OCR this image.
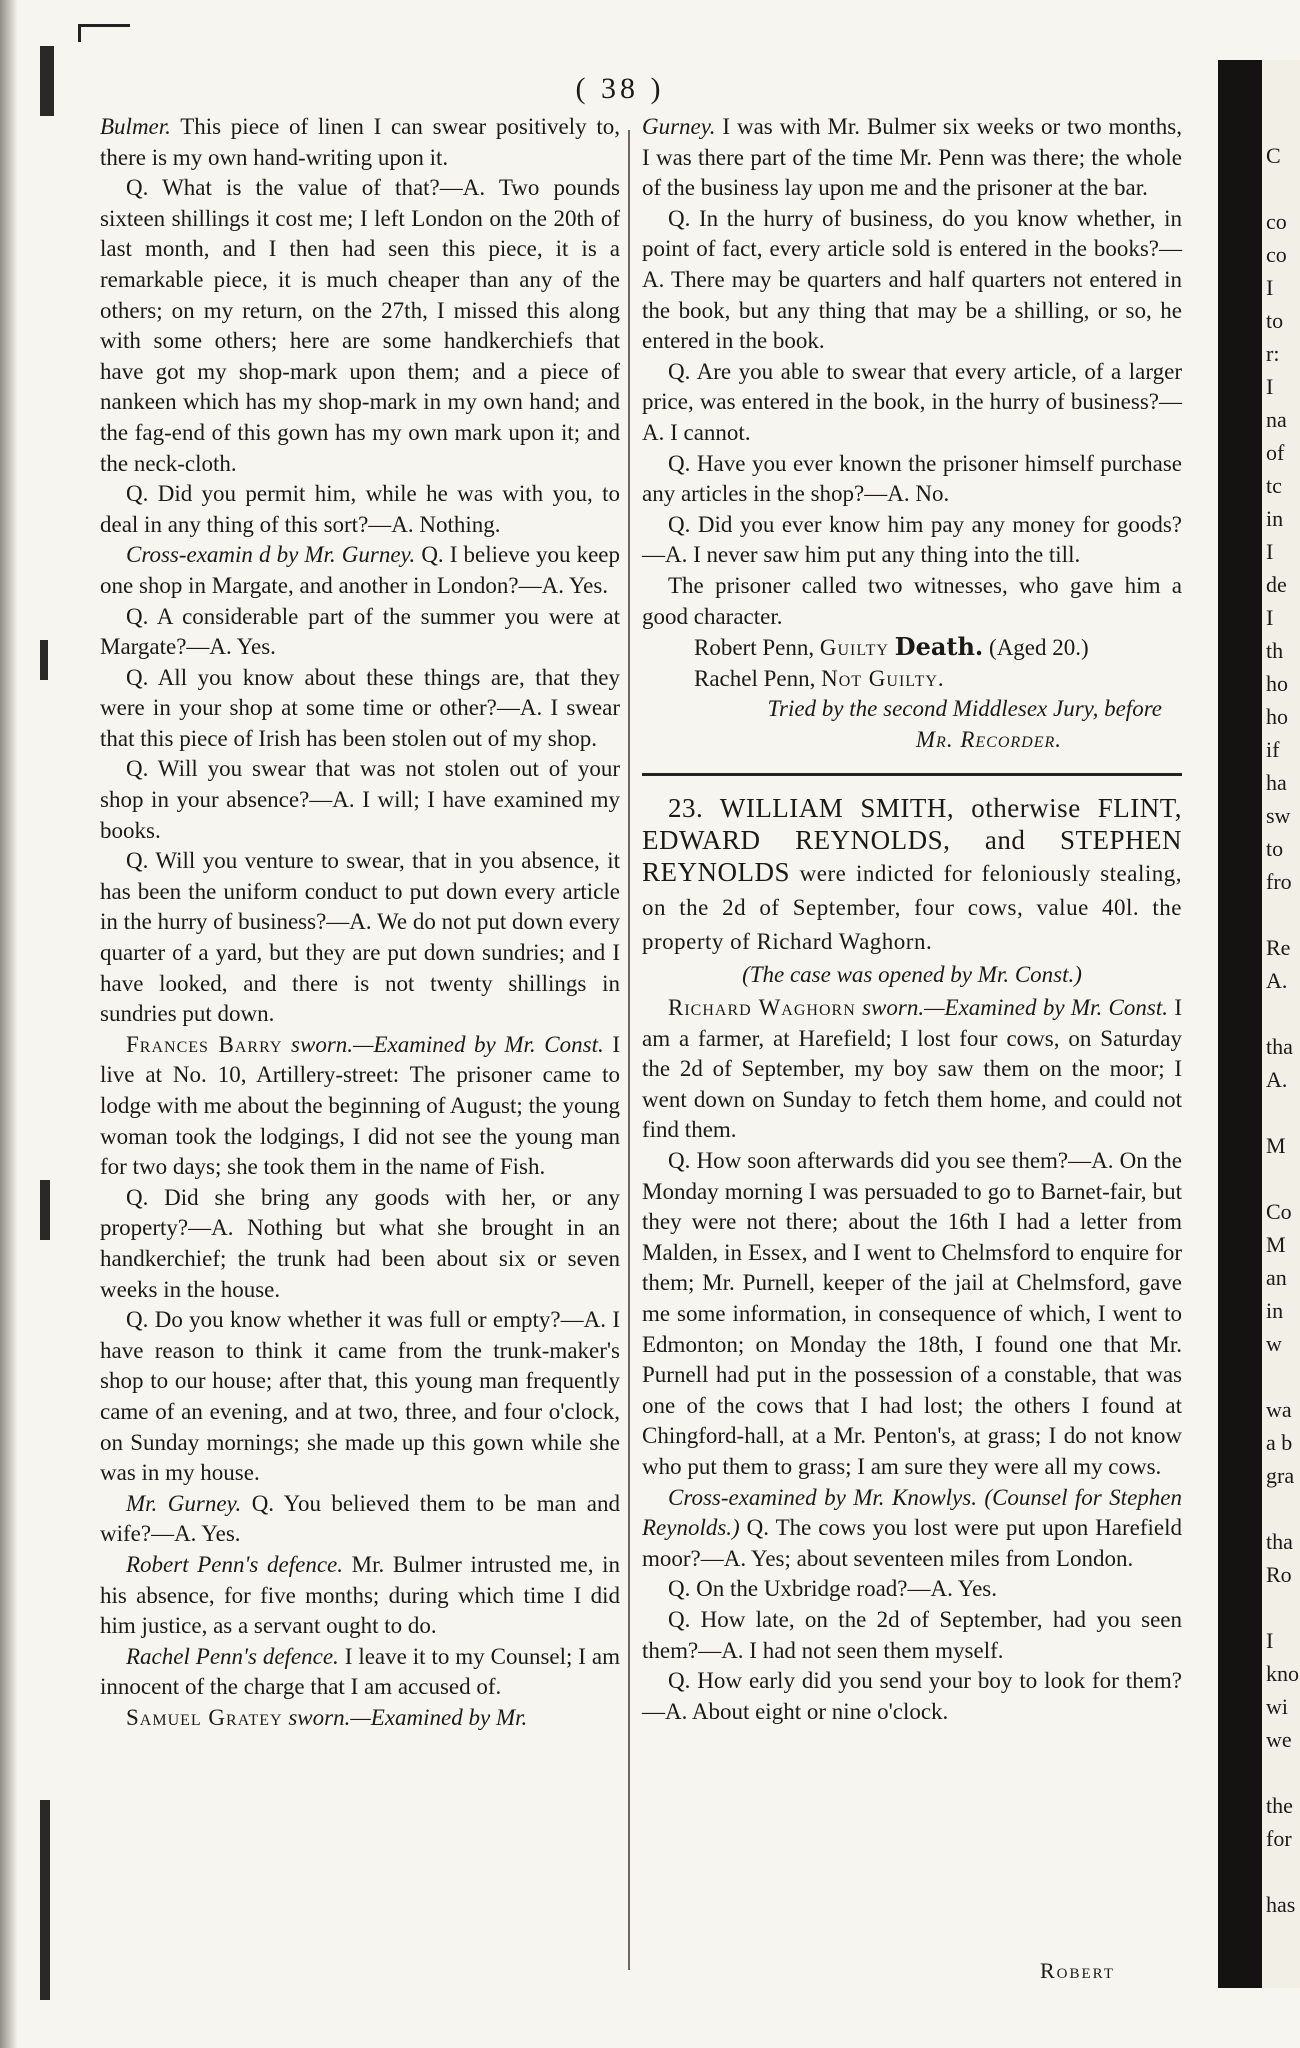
C
co
co
I
to
r:
I
na
of
tc
in
I
de
I
th
ho
ho
if
ha
sw
to
fro
Re
A.
tha
A.
M
Co
M
an
in
w
wa
a b
gra
tha
Ro
I
kno
wi
we
the
for
has
( 38 )

Bulmer. This piece of linen I can swear positively to, there is my own hand-writing upon it.

Q. What is the value of that?—A. Two pounds sixteen shillings it cost me; I left London on the 20th of last month, and I then had seen this piece, it is a remarkable piece, it is much cheaper than any of the others; on my return, on the 27th, I missed this along with some others; here are some handkerchiefs that have got my shop-mark upon them; and a piece of nankeen which has my shop-mark in my own hand; and the fag-end of this gown has my own mark upon it; and the neck-cloth.

Q. Did you permit him, while he was with you, to deal in any thing of this sort?—A. Nothing.

Cross-examin d by Mr. Gurney. Q. I believe you keep one shop in Margate, and another in London?—A. Yes.

Q. A considerable part of the summer you were at Margate?—A. Yes.

Q. All you know about these things are, that they were in your shop at some time or other?—A. I swear that this piece of Irish has been stolen out of my shop.

Q. Will you swear that was not stolen out of your shop in your absence?—A. I will; I have examined my books.

Q. Will you venture to swear, that in you absence, it has been the uniform conduct to put down every article in the hurry of business?—A. We do not put down every quarter of a yard, but they are put down sundries; and I have looked, and there is not twenty shillings in sundries put down.

Frances Barry sworn.—Examined by Mr. Const. I live at No. 10, Artillery-street: The prisoner came to lodge with me about the beginning of August; the young woman took the lodgings, I did not see the young man for two days; she took them in the name of Fish.

Q. Did she bring any goods with her, or any property?—A. Nothing but what she brought in an handkerchief; the trunk had been about six or seven weeks in the house.

Q. Do you know whether it was full or empty?—A. I have reason to think it came from the trunk-maker's shop to our house; after that, this young man frequently came of an evening, and at two, three, and four o'clock, on Sunday mornings; she made up this gown while she was in my house.

Mr. Gurney. Q. You believed them to be man and wife?—A. Yes.

Robert Penn's defence. Mr. Bulmer intrusted me, in his absence, for five months; during which time I did him justice, as a servant ought to do.

Rachel Penn's defence. I leave it to my Counsel; I am innocent of the charge that I am accused of.

Samuel Gratey sworn.—Examined by Mr.

Gurney. I was with Mr. Bulmer six weeks or two months, I was there part of the time Mr. Penn was there; the whole of the business lay upon me and the prisoner at the bar.

Q. In the hurry of business, do you know whether, in point of fact, every article sold is entered in the books?—A. There may be quarters and half quarters not entered in the book, but any thing that may be a shilling, or so, he entered in the book.

Q. Are you able to swear that every article, of a larger price, was entered in the book, in the hurry of business?—A. I cannot.

Q. Have you ever known the prisoner himself purchase any articles in the shop?—A. No.

Q. Did you ever know him pay any money for goods?—A. I never saw him put any thing into the till.

The prisoner called two witnesses, who gave him a good character.

Robert Penn, Guilty Death. (Aged 20.)

Rachel Penn, Not Guilty.

Tried by the second Middlesex Jury, before

Mr. Recorder.

23. WILLIAM SMITH, otherwise FLINT, EDWARD REYNOLDS, and STEPHEN REYNOLDS were indicted for feloniously stealing, on the 2d of September, four cows, value 40l. the property of Richard Waghorn.

(The case was opened by Mr. Const.)

Richard Waghorn sworn.—Examined by Mr. Const. I am a farmer, at Harefield; I lost four cows, on Saturday the 2d of September, my boy saw them on the moor; I went down on Sunday to fetch them home, and could not find them.

Q. How soon afterwards did you see them?—A. On the Monday morning I was persuaded to go to Barnet-fair, but they were not there; about the 16th I had a letter from Malden, in Essex, and I went to Chelmsford to enquire for them; Mr. Purnell, keeper of the jail at Chelmsford, gave me some information, in consequence of which, I went to Edmonton; on Monday the 18th, I found one that Mr. Purnell had put in the possession of a constable, that was one of the cows that I had lost; the others I found at Chingford-hall, at a Mr. Penton's, at grass; I do not know who put them to grass; I am sure they were all my cows.

Cross-examined by Mr. Knowlys. (Counsel for Stephen Reynolds.) Q. The cows you lost were put upon Harefield moor?—A. Yes; about seventeen miles from London.

Q. On the Uxbridge road?—A. Yes.

Q. How late, on the 2d of September, had you seen them?—A. I had not seen them myself.

Q. How early did you send your boy to look for them?—A. About eight or nine o'clock.

Robert
